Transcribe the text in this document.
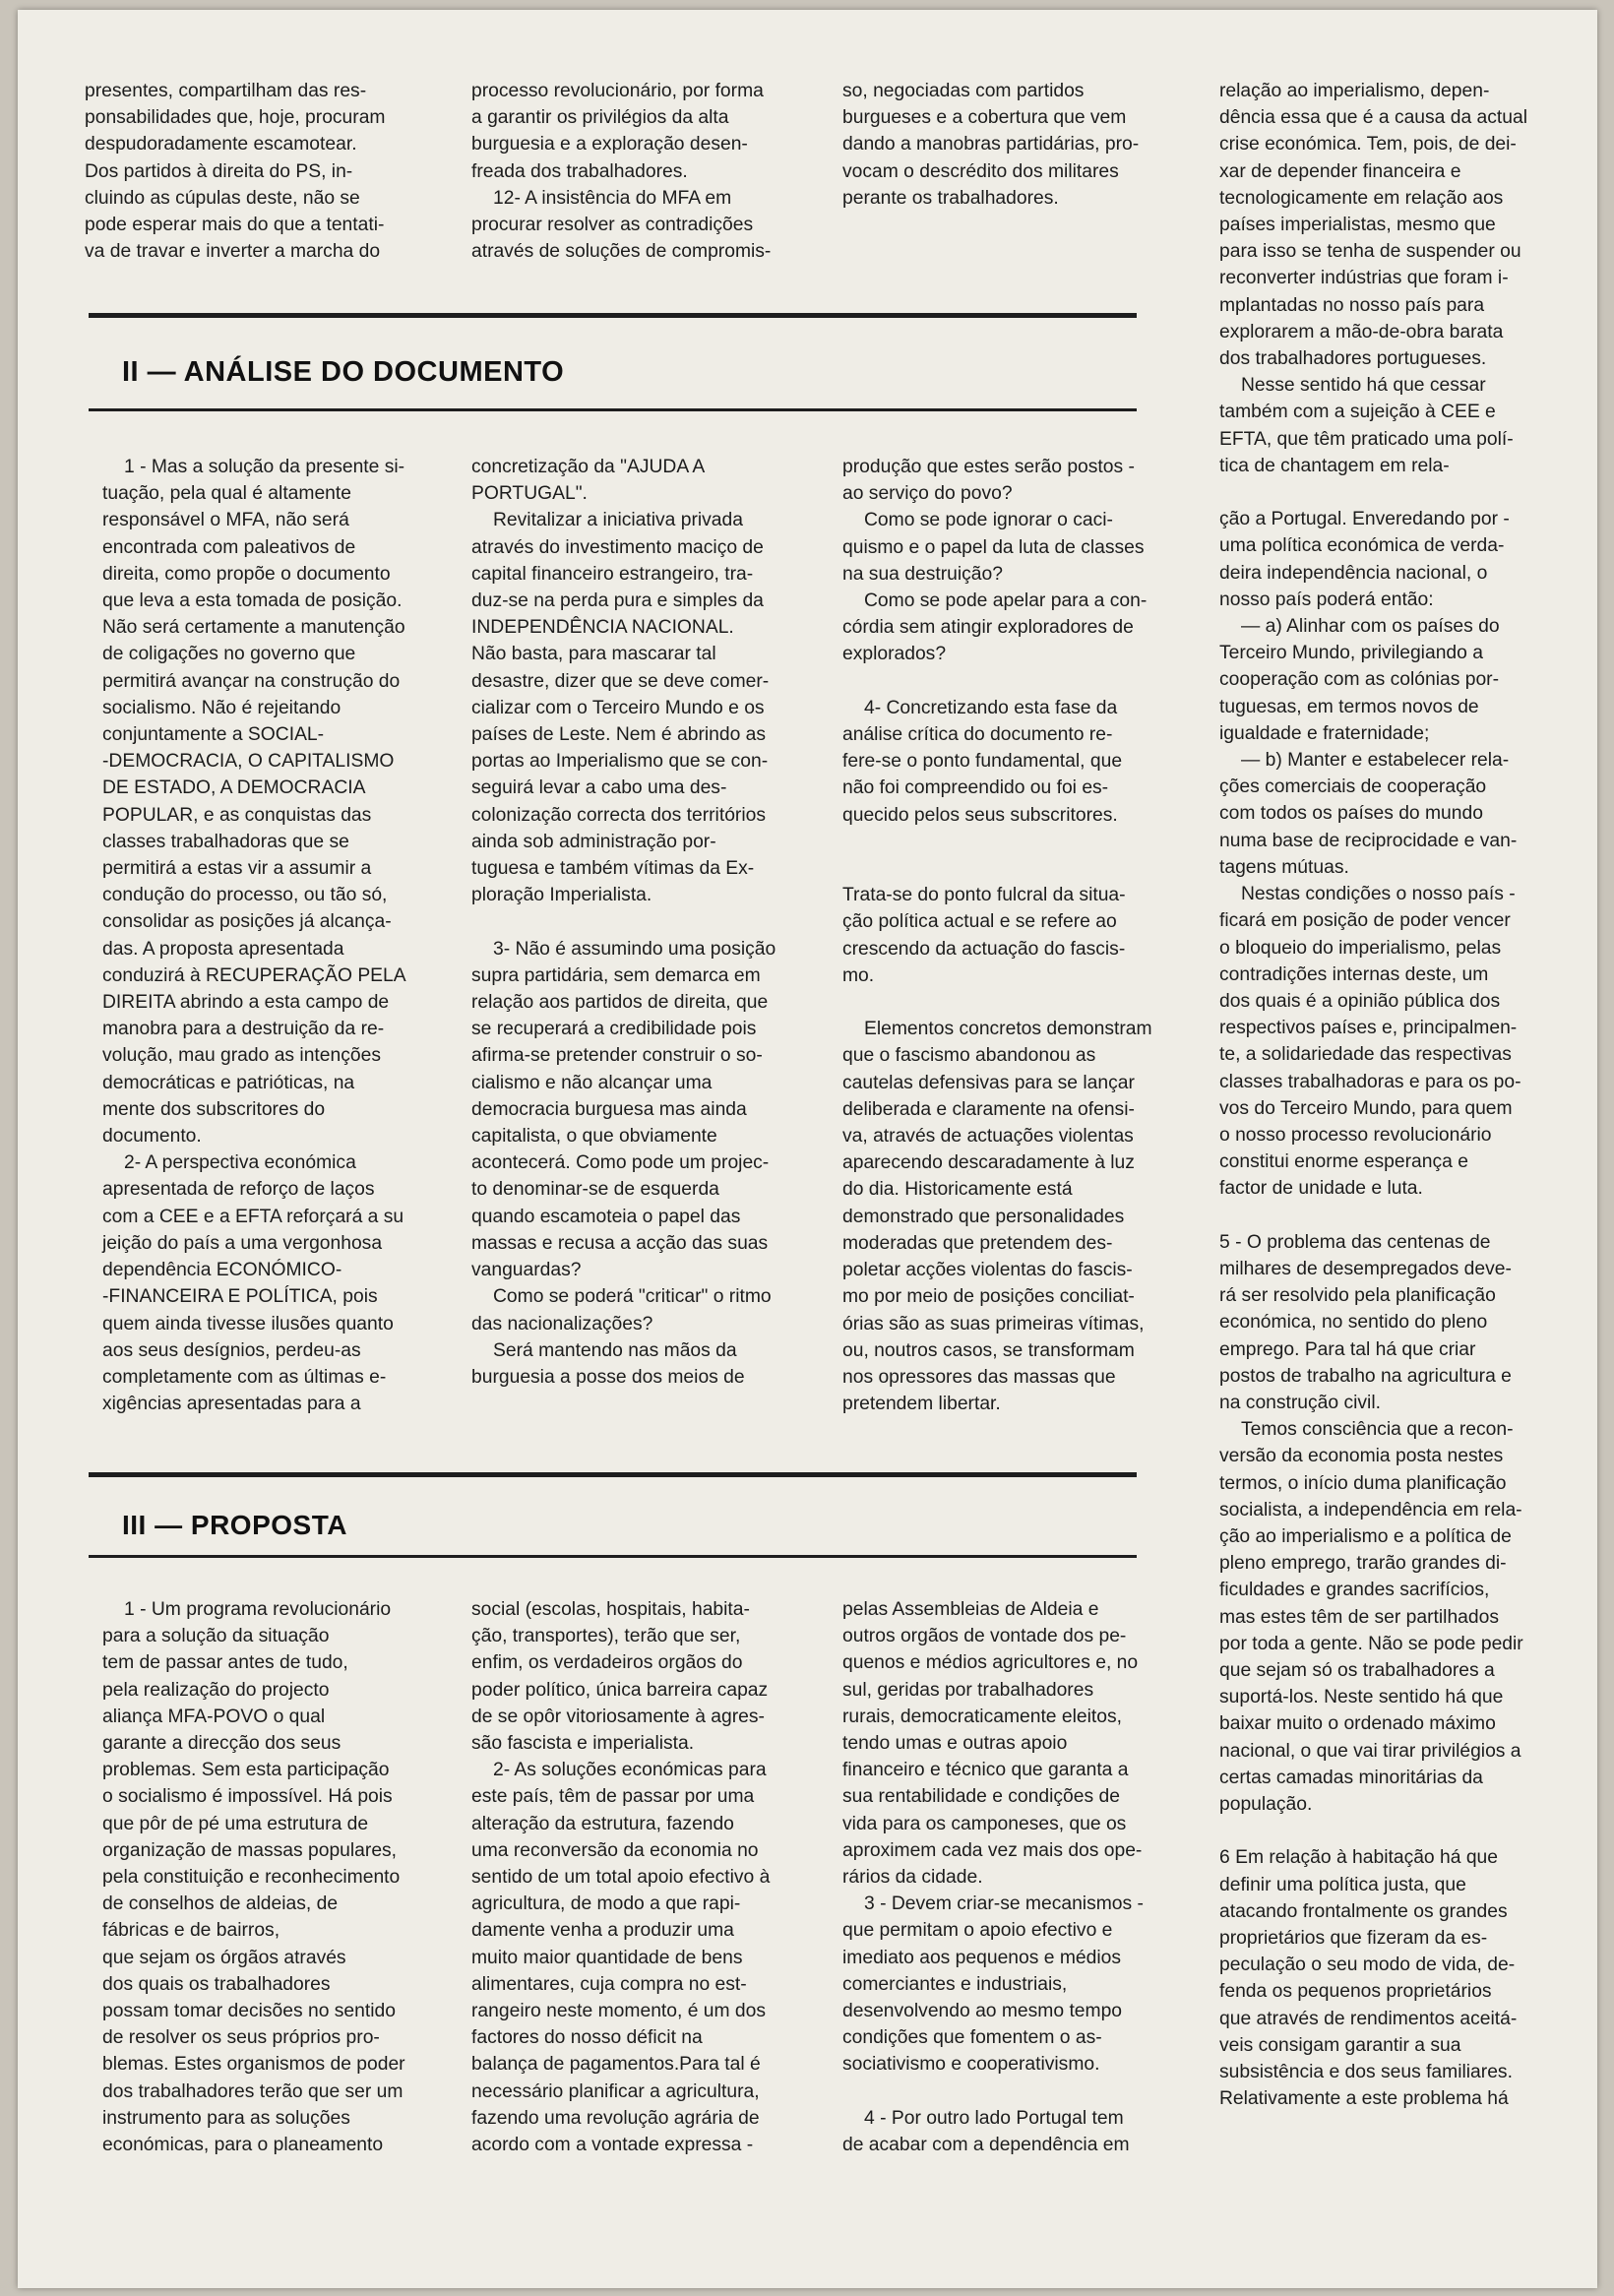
presentes, compartilham das res-

ponsabilidades que, hoje, procuram

despudoradamente escamotear.

Dos partidos à direita do PS, in-

cluindo as cúpulas deste, não se

pode esperar mais do que a tentati-

va de travar e inverter a marcha do

processo revolucionário, por forma

a garantir os privilégios da alta

burguesia e a exploração desen-

freada dos trabalhadores.

12- A insistência do MFA em

procurar resolver as contradições

através de soluções de compromis-

so, negociadas com partidos

burgueses e a cobertura que vem

dando a manobras partidárias, pro-

vocam o descrédito dos militares

perante os trabalhadores.

relação ao imperialismo, depen-

dência essa que é a causa da actual

crise económica. Tem, pois, de dei-

xar de depender financeira e

tecnologicamente em relação aos

países imperialistas, mesmo que

para isso se tenha de suspender ou

reconverter indústrias que foram i-

mplantadas no nosso país para

explorarem a mão-de-obra barata

dos trabalhadores portugueses.

Nesse sentido há que cessar

também com a sujeição à CEE e

EFTA, que têm praticado uma polí-

tica de chantagem em rela-

ção a Portugal. Enveredando por -

uma política económica de verda-

deira independência nacional, o

nosso país poderá então:

— a) Alinhar com os países do

Terceiro Mundo, privilegiando a

cooperação com as colónias por-

tuguesas, em termos novos de

igualdade e fraternidade;

— b) Manter e estabelecer rela-

ções comerciais de cooperação

com todos os países do mundo

numa base de reciprocidade e van-

tagens mútuas.

Nestas condições o nosso país -

ficará em posição de poder vencer

o bloqueio do imperialismo, pelas

contradições internas deste, um

dos quais é a opinião pública dos

respectivos países e, principalmen-

te, a solidariedade das respectivas

classes trabalhadoras e para os po-

vos do Terceiro Mundo, para quem

o nosso processo revolucionário

constitui enorme esperança e

factor de unidade e luta.

5 - O problema das centenas de

milhares de desempregados deve-

rá ser resolvido pela planificação

económica, no sentido do pleno

emprego. Para tal há que criar

postos de trabalho na agricultura e

na construção civil.

Temos consciência que a recon-

versão da economia posta nestes

termos, o início duma planificação

socialista, a independência em rela-

ção ao imperialismo e a política de

pleno emprego, trarão grandes di-

ficuldades e grandes sacrifícios,

mas estes têm de ser partilhados

por toda a gente. Não se pode pedir

que sejam só os trabalhadores a

suportá-los. Neste sentido há que

baixar muito o ordenado máximo

nacional, o que vai tirar privilégios a

certas camadas minoritárias da

população.

6 Em relação à habitação há que

definir uma política justa, que

atacando frontalmente os grandes

proprietários que fizeram da es-

peculação o seu modo de vida, de-

fenda os pequenos proprietários

que através de rendimentos aceitá-

veis consigam garantir a sua

subsistência e dos seus familiares.

Relativamente a este problema há

II — ANÁLISE DO DOCUMENTO

1 - Mas a solução da presente si-

tuação, pela qual é altamente

responsável o MFA, não será

encontrada com paleativos de

direita, como propõe o documento

que leva a esta tomada de posição.

Não será certamente a manutenção

de coligações no governo que

permitirá avançar na construção do

socialismo. Não é rejeitando

conjuntamente a SOCIAL-

-DEMOCRACIA, O CAPITALISMO

DE ESTADO, A DEMOCRACIA

POPULAR, e as conquistas das

classes trabalhadoras que se

permitirá a estas vir a assumir a

condução do processo, ou tão só,

consolidar as posições já alcança-

das. A proposta apresentada

conduzirá à RECUPERAÇÃO PELA

DIREITA abrindo a esta campo de

manobra para a destruição da re-

volução, mau grado as intenções

democráticas e patrióticas, na

mente dos subscritores do

documento.

2- A perspectiva económica

apresentada de reforço de laços

com a CEE e a EFTA reforçará a su

jeição do país a uma vergonhosa

dependência ECONÓMICO-

-FINANCEIRA E POLÍTICA, pois

quem ainda tivesse ilusões quanto

aos seus desígnios, perdeu-as

completamente com as últimas e-

xigências apresentadas para a

concretização da "AJUDA A

PORTUGAL".

Revitalizar a iniciativa privada

através do investimento maciço de

capital financeiro estrangeiro, tra-

duz-se na perda pura e simples da

INDEPENDÊNCIA NACIONAL.

Não basta, para mascarar tal

desastre, dizer que se deve comer-

cializar com o Terceiro Mundo e os

países de Leste. Nem é abrindo as

portas ao Imperialismo que se con-

seguirá levar a cabo uma des-

colonização correcta dos territórios

ainda sob administração por-

tuguesa e também vítimas da Ex-

ploração Imperialista.

3- Não é assumindo uma posição

supra partidária, sem demarca em

relação aos partidos de direita, que

se recuperará a credibilidade pois

afirma-se pretender construir o so-

cialismo e não alcançar uma

democracia burguesa mas ainda

capitalista, o que obviamente

acontecerá. Como pode um projec-

to denominar-se de esquerda

quando escamoteia o papel das

massas e recusa a acção das suas

vanguardas?

Como se poderá "criticar" o ritmo

das nacionalizações?

Será mantendo nas mãos da

burguesia a posse dos meios de

produção que estes serão postos -

ao serviço do povo?

Como se pode ignorar o caci-

quismo e o papel da luta de classes

na sua destruição?

Como se pode apelar para a con-

córdia sem atingir exploradores de

explorados?

4- Concretizando esta fase da

análise crítica do documento re-

fere-se o ponto fundamental, que

não foi compreendido ou foi es-

quecido pelos seus subscritores.

Trata-se do ponto fulcral da situa-

ção política actual e se refere ao

crescendo da actuação do fascis-

mo.

Elementos concretos demonstram

que o fascismo abandonou as

cautelas defensivas para se lançar

deliberada e claramente na ofensi-

va, através de actuações violentas

aparecendo descaradamente à luz

do dia. Historicamente está

demonstrado que personalidades

moderadas que pretendem des-

poletar acções violentas do fascis-

mo por meio de posições conciliat-

órias são as suas primeiras vítimas,

ou, noutros casos, se transformam

nos opressores das massas que

pretendem libertar.

III — PROPOSTA

1 - Um programa revolucionário

para a solução da situação

tem de passar antes de tudo,

pela realização do projecto

aliança MFA-POVO o qual

garante a direcção dos seus

problemas. Sem esta participação

o socialismo é impossível. Há pois

que pôr de pé uma estrutura de

organização de massas populares,

pela constituição e reconhecimento

de conselhos de aldeias, de

fábricas e de bairros,

que sejam os órgãos através

dos quais os trabalhadores

possam tomar decisões no sentido

de resolver os seus próprios pro-

blemas. Estes organismos de poder

dos trabalhadores terão que ser um

instrumento para as soluções

económicas, para o planeamento

social (escolas, hospitais, habita-

ção, transportes), terão que ser,

enfim, os verdadeiros orgãos do

poder político, única barreira capaz

de se opôr vitoriosamente à agres-

são fascista e imperialista.

2- As soluções económicas para

este país, têm de passar por uma

alteração da estrutura, fazendo

uma reconversão da economia no

sentido de um total apoio efectivo à

agricultura, de modo a que rapi-

damente venha a produzir uma

muito maior quantidade de bens

alimentares, cuja compra no est-

rangeiro neste momento, é um dos

factores do nosso déficit na

balança de pagamentos.Para tal é

necessário planificar a agricultura,

fazendo uma revolução agrária de

acordo com a vontade expressa -

pelas Assembleias de Aldeia e

outros orgãos de vontade dos pe-

quenos e médios agricultores e, no

sul, geridas por trabalhadores

rurais, democraticamente eleitos,

tendo umas e outras apoio

financeiro e técnico que garanta a

sua rentabilidade e condições de

vida para os camponeses, que os

aproximem cada vez mais dos ope-

rários da cidade.

3 - Devem criar-se mecanismos -

que permitam o apoio efectivo e

imediato aos pequenos e médios

comerciantes e industriais,

desenvolvendo ao mesmo tempo

condições que fomentem o as-

sociativismo e cooperativismo.

4 - Por outro lado Portugal tem

de acabar com a dependência em
